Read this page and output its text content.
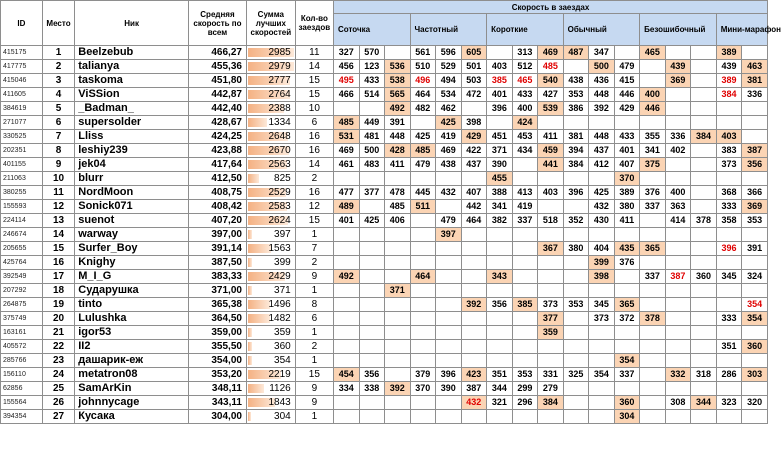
ID	Место	Ник	Средняя скорость по всем	Сумма лучших скоростей	Кол-во заездов	Скорость в заездах																
						Соточка			Частотный			Короткие			Обычный			Безошибочный			Мини-марафон	
415175	1	Beelzebub	466,27	2985	11	327	570		561	596	605		313	469	487	347		465			389	
417775	2	talianya	455,36	2979	14	456	123	536	510	529	501	403	512	485		500	479		439		439	463
415046	3	taskoma	451,80	2777	15	495	433	538	496	494	503	385	465	540	438	436	415		369		389	381
411605	4	ViSSion	442,87	2764	15	466	514	565	464	534	472	401	433	427	353	448	446	400			384	336
384619	5	_Badman_	442,40	2388	10			492	482	462		396	400	539	386	392	429	446				
271077	6	supersolder	428,67	1334	6	485	449	391		425	398		424									
330525	7	Lliss	424,25	2648	16	531	481	448	425	419	429	451	453	411	381	448	433	355	336	384	403	
202351	8	leshiy239	423,88	2670	16	469	500	428	485	469	422	371	434	459	394	437	401	341	402		383	387
401155	9	jek04	417,64	2563	14	461	483	411	479	438	437	390		441	384	412	407	375			373	356
211063	10	blurr	412,50	825	2							455					370					
380255	11	NordMoon	408,75	2529	16	477	377	478	445	432	407	388	413	403	396	425	389	376	400		368	366
155593	12	Sonick071	408,42	2583	12	489		485	511		442	341	419			432	380	337	363		333	369
224114	13	suenot	407,20	2624	15	401	425	406		479	464	382	337	518	352	430	411		414	378	358	353
246674	14	warway	397,00	397	1					397												
205655	15	Surfer_Boy	391,14	1563	7									367	380	404	435	365			396	391
425764	16	Knighy	387,50	399	2											399	376					
392549	17	M_I_G	383,33	2429	9	492			464			343				398		337	387	360	345	324
207292	18	Сударушка	371,00	371	1			371														
264875	19	tinto	365,38	1496	8						392	356	385	373	353	345	365					354
375749	20	Lulushka	364,50	1482	6									377		373	372	378			333	354
163161	21	igor53	359,00	359	1									359								
405572	22	II2	355,50	360	2																351	360
285766	23	дашарик-еж	354,00	354	1												354					
156110	24	metatron08	353,20	2219	15	454	356		379	396	423	351	353	331	325	354	337		332	318	286	303
62856	25	SamArKin	348,11	1126	9	334	338	392	370	390	387	344	299	279								
155564	26	johnnycage	343,11	1843	9						432	321	296	384			360		308	344	323	320
394354	27	Кусака	304,00	304	1												304					
